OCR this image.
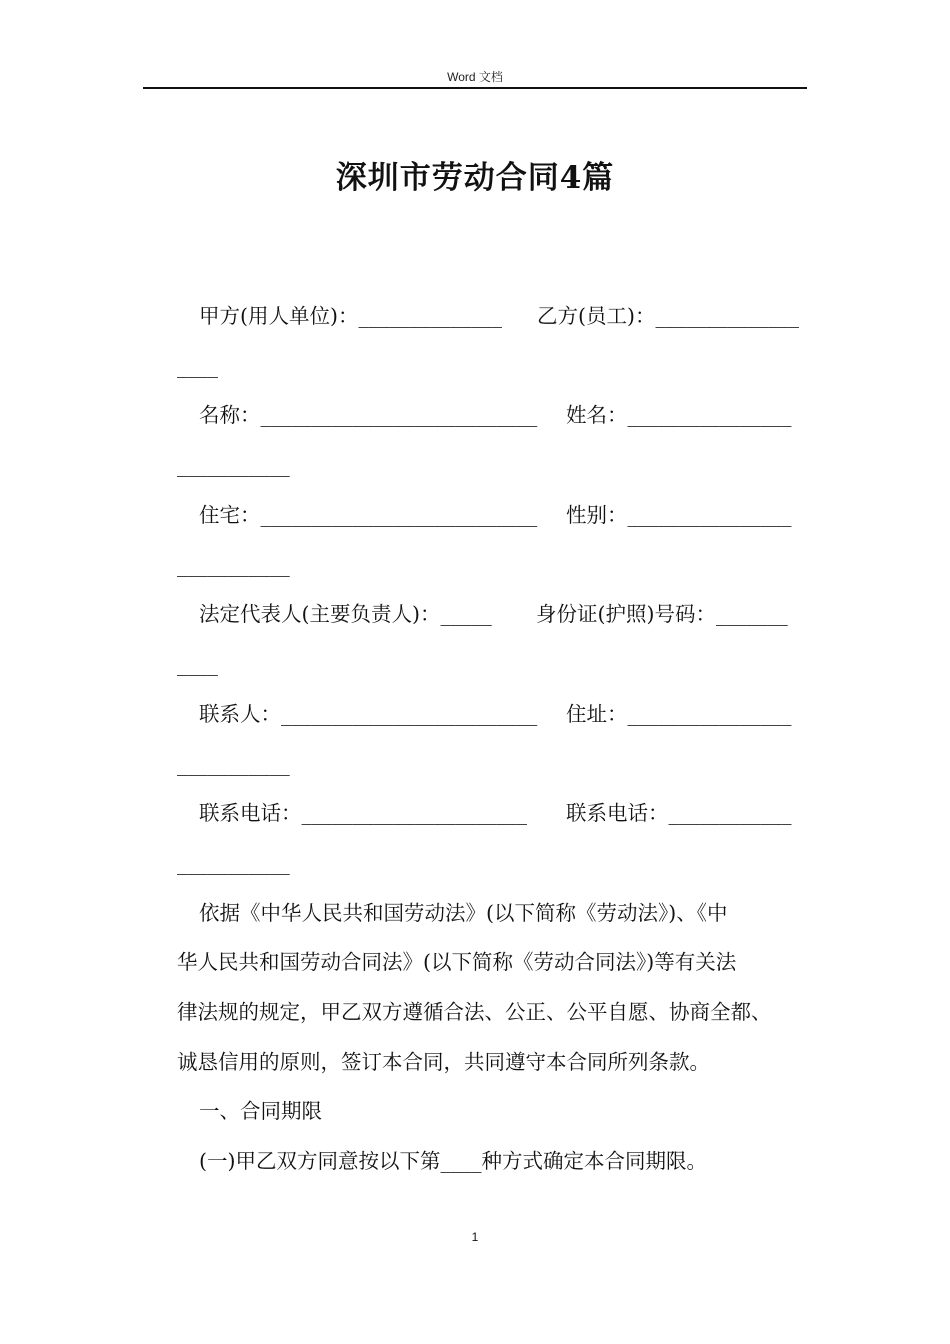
Word 文档
深圳市劳动合同4篇
甲方(用人单位)：______________ 乙方(员工)：______________
____
名称：___________________________ 姓名：________________
___________
住宅：___________________________ 性别：________________
___________
法定代表人(主要负责人)：_____ 身份证(护照)号码：_______
____
联系人：_________________________ 住址：________________
___________
联系电话：______________________ 联系电话：____________
___________
依据《中华人民共和国劳动法》(以下简称《劳动法》)、《中
华人民共和国劳动合同法》(以下简称《劳动合同法》)等有关法
律法规的规定，甲乙双方遵循合法、公正、公平自愿、协商全都、
诚恳信用的原则，签订本合同，共同遵守本合同所列条款。
一、合同期限
(一)甲乙双方同意按以下第____种方式确定本合同期限。
1
